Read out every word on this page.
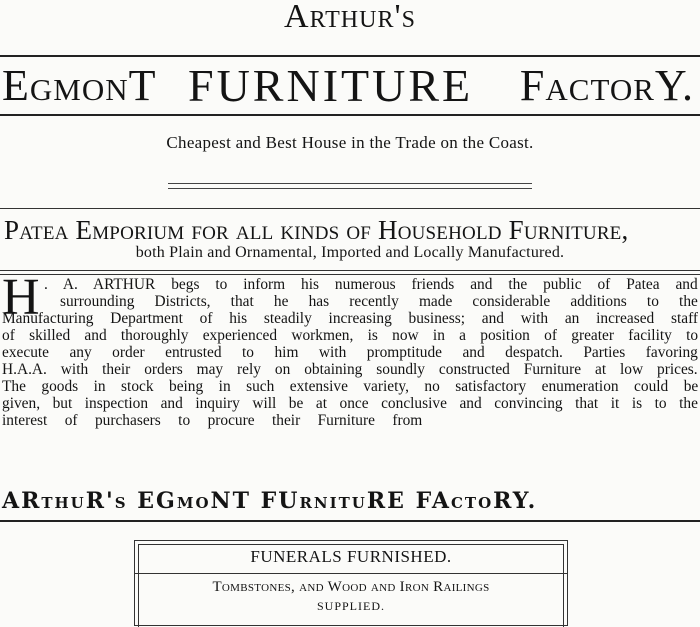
Arthur's
EgmonT FURNITURE FactorY.
Cheapest and Best House in the Trade on the Coast.
Patea Emporium for all kinds of Household Furniture,
both Plain and Ornamental, Imported and Locally Manufactured.
H . A. ARTHUR begs to inform his numerous friends and the public of Patea and
surrounding Districts, that he has recently made considerable additions to the
Manufacturing Department of his steadily increasing business; and with an increased staff
of skilled and thoroughly experienced workmen, is now in a position of greater facility to
execute any order entrusted to him with promptitude and despatch. Parties favoring
H.A.A. with their orders may rely on obtaining soundly constructed Furniture at low prices.
The goods in stock being in such extensive variety, no satisfactory enumeration could be
given, but inspection and inquiry will be at once conclusive and convincing that it is to the
interest of purchasers to procure their Furniture from
ARthuR's EGmoNT FUrnituRE FActoRY.
FUNERALS FURNISHED.
Tombstones, and Wood and Iron Railings
SUPPLIED.
